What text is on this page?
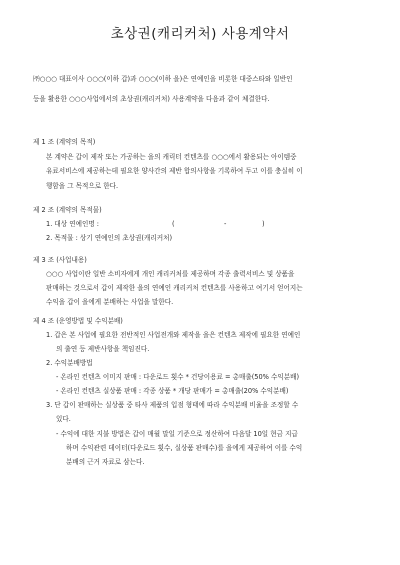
초상권(캐리커처) 사용계약서
㈜○○○ 대표이사 ○○○(이하 갑)과 ○○○(이하 을)은 연예인을 비롯한 대중스타와 일반인
등을 활용한 ○○○사업에서의 초상권(캐리커처) 사용계약을 다음과 같이 체결한다.
제 1 조 (계약의 목적)
본 계약은 갑이 제작 또는 가공하는 을의 캐릭터 컨텐츠를 ○○○에서 활용되는 아이템중
유료서비스에 제공하는데 필요한 양사간의 제반 합의사항을 기록하여 두고 이를 충실히 이
행함을 그 목적으로 한다.
제 2 조 (계약의 목적물)
1. 대상 연예인명 :	(	-	)
2. 목적물 : 상기 연예인의 초상권(캐리커처)
제 3 조 (사업내용)
○○○ 사업이란 일반 소비자에게 개인 캐리커처를 제공하며 각종 출력서비스 및 상품을
판매하는 것으로서 갑이 제작한 을의 연예인 캐리커처 컨텐츠를 사용하고 여기서 얻어지는
수익을 갑이 을에게 분배하는 사업을 말한다.
제 4 조 (운영방법 및 수익분배)
1. 갑은 본 사업에 필요한 전반적인 사업전개와 제작을 을은 컨텐츠 제작에 필요한 연예인
의 출연 등 제반사항을 책임진다.
2. 수익분배방법
- 온라인 컨텐츠 이미지 판매 : 다운로드 횟수 * 건당이용료 = 총매출(50% 수익분배)
- 온라인 컨텐츠 실상품 판매 : 각종 상품 * 개당 판매가 = 총매출(20% 수익분배)
3. 단 갑이 판매하는 실상품 중 타사 제품의 입점 형태에 따라 수익분배 비율을 조정할 수
있다.
- 수익에 대한 지불 방법은 갑이 매월 말일 기준으로 정산하여 다음달 10일 현금 지급
하며 수익관련 데이터(다운로드 횟수, 실상품 판매수)를 을에게 제공하여 이를 수익
분배의 근거 자료로 삼는다.
